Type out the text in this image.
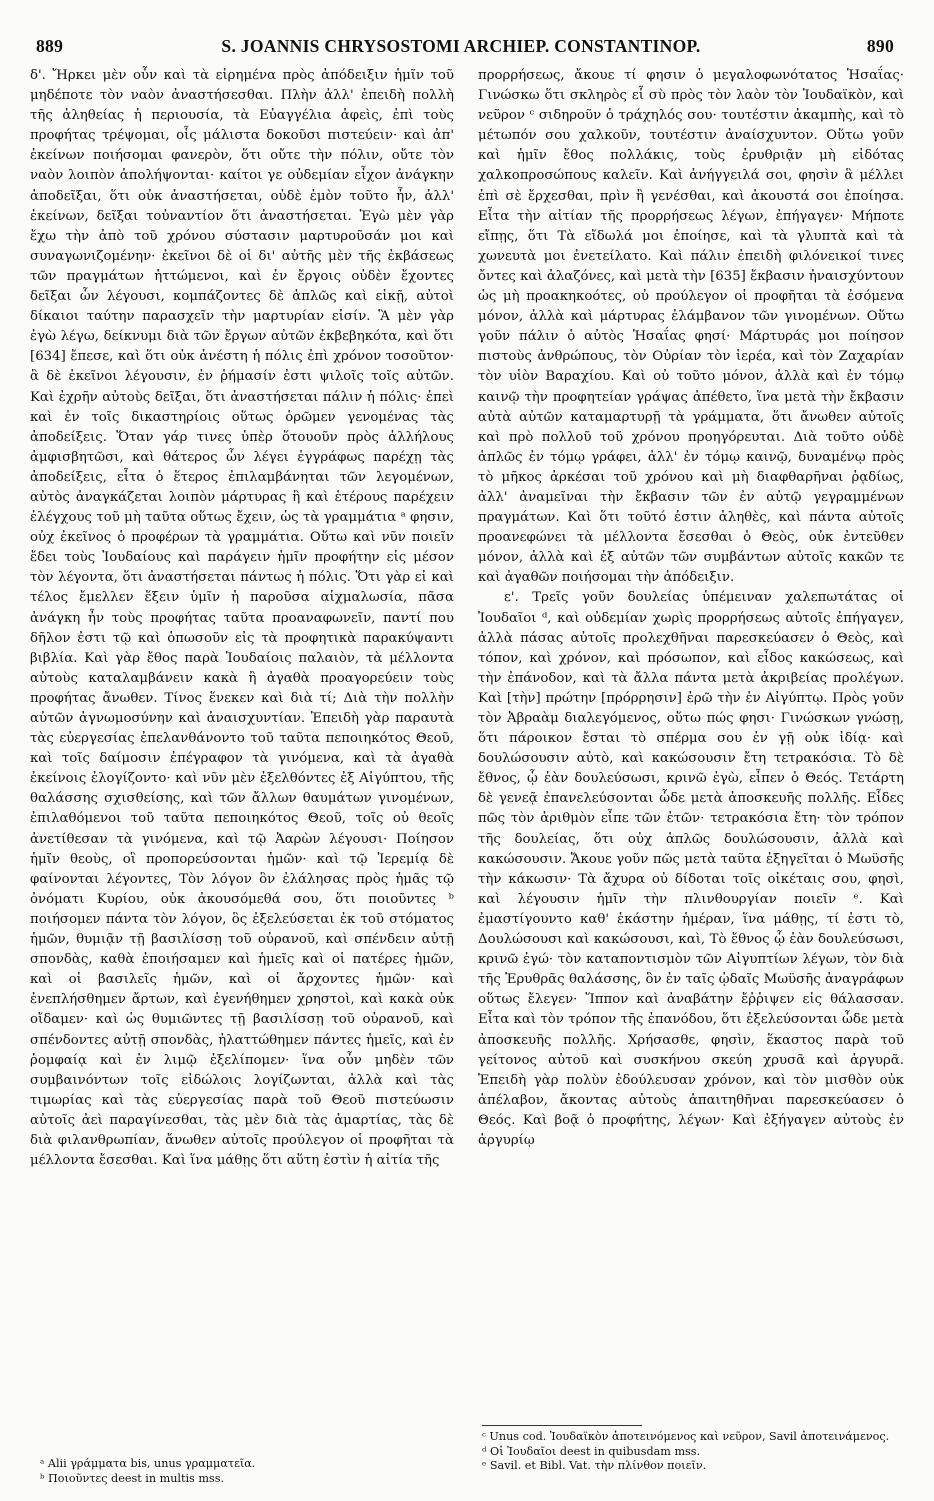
889	S. JOANNIS CHRYSOSTOMI ARCHIEP. CONSTANTINOP.	890

δ'. Ἤρκει μὲν οὖν καὶ τὰ εἰρημένα πρὸς ἀπόδειξιν ἡμῖν τοῦ μηδέποτε τὸν ναὸν ἀναστήσεσθαι. Πλὴν ἀλλ' ἐπειδὴ πολλὴ τῆς ἀληθείας ἡ περιουσία, τὰ Εὐαγγέλια ἀφεὶς, ἐπὶ τοὺς προφήτας τρέψομαι, οἷς μάλιστα δοκοῦσι πιστεύειν· καὶ ἀπ' ἐκείνων ποιήσομαι φανερὸν, ὅτι οὔτε τὴν πόλιν, οὔτε τὸν ναὸν λοιπὸν ἀπολήψονται· καίτοι γε οὐδεμίαν εἶχον ἀνάγκην ἀποδεῖξαι, ὅτι οὐκ ἀναστήσεται, οὐδὲ ἐμὸν τοῦτο ἦν, ἀλλ' ἐκείνων, δεῖξαι τοὐναντίον ὅτι ἀναστήσεται. Ἐγὼ μὲν γὰρ ἔχω τὴν ἀπὸ τοῦ χρόνου σύστασιν μαρτυροῦσάν μοι καὶ συναγωνιζομένην· ἐκεῖνοι δὲ οἱ δι' αὐτῆς μὲν τῆς ἐκβάσεως τῶν πραγμάτων ἡττώμενοι, καὶ ἐν ἔργοις οὐδὲν ἔχοντες δεῖξαι ὧν λέγουσι, κομπάζοντες δὲ ἁπλῶς καὶ εἰκῇ, αὐτοὶ δίκαιοι ταύτην παρασχεῖν τὴν μαρτυρίαν εἰσίν. Ἃ μὲν γὰρ ἐγὼ λέγω, δείκνυμι διὰ τῶν ἔργων αὐτῶν ἐκβεβηκότα, καὶ ὅτι [634] ἔπεσε, καὶ ὅτι οὐκ ἀνέστη ἡ πόλις ἐπὶ χρόνον τοσοῦτον· ἃ δὲ ἐκεῖνοι λέγουσιν, ἐν ῥήμασίν ἐστι ψιλοῖς τοῖς αὐτῶν. Καὶ ἐχρῆν αὐτοὺς δεῖξαι, ὅτι ἀναστήσεται πάλιν ἡ πόλις· ἐπεὶ καὶ ἐν τοῖς δικαστηρίοις οὕτως ὁρῶμεν γενομένας τὰς ἀποδείξεις. Ὅταν γάρ τινες ὑπὲρ ὅτουοῦν πρὸς ἀλλήλους ἀμφισβητῶσι, καὶ θάτερος ὧν λέγει ἐγγράφως παρέχῃ τὰς ἀποδείξεις, εἶτα ὁ ἕτερος ἐπιλαμβάνηται τῶν λεγομένων, αὐτὸς ἀναγκάζεται λοιπὸν μάρτυρας ἢ καὶ ἑτέρους παρέχειν ἐλέγχους τοῦ μὴ ταῦτα οὕτως ἔχειν, ὡς τὰ γραμμάτια ᵃ φησιν, οὐχ ἐκεῖνος ὁ προφέρων τὰ γραμμάτια. Οὕτω καὶ νῦν ποιεῖν ἔδει τοὺς Ἰουδαίους καὶ παράγειν ἡμῖν προφήτην εἰς μέσον τὸν λέγοντα, ὅτι ἀναστήσεται πάντως ἡ πόλις. Ὅτι γὰρ εἰ καὶ τέλος ἔμελλεν ἕξειν ὑμῖν ἡ παροῦσα αἰχμαλωσία, πᾶσα ἀνάγκη ἦν τοὺς προφήτας ταῦτα προαναφωνεῖν, παντί που δῆλον ἐστι τῷ καὶ ὁπωσοῦν εἰς τὰ προφητικὰ παρακύψαντι βιβλία. Καὶ γὰρ ἔθος παρὰ Ἰουδαίοις παλαιὸν, τὰ μέλλοντα αὐτοὺς καταλαμβάνειν κακὰ ἢ ἀγαθὰ προαγορεύειν τοὺς προφήτας ἄνωθεν. Τίνος ἕνεκεν καὶ διὰ τί; Διὰ τὴν πολλὴν αὐτῶν ἀγνωμοσύνην καὶ ἀναισχυντίαν. Ἐπειδὴ γὰρ παραυτὰ τὰς εὐεργεσίας ἐπελανθάνοντο τοῦ ταῦτα πεποιηκότος Θεοῦ, καὶ τοῖς δαίμοσιν ἐπέγραφον τὰ γινόμενα, καὶ τὰ ἀγαθὰ ἐκείνοις ἐλογίζοντο· καὶ νῦν μὲν ἐξελθόντες ἐξ Αἰγύπτου, τῆς θαλάσσης σχισθείσης, καὶ τῶν ἄλλων θαυμάτων γινομένων, ἐπιλαθόμενοι τοῦ ταῦτα πεποιηκότος Θεοῦ, τοῖς οὐ θεοῖς ἀνετίθεσαν τὰ γινόμενα, καὶ τῷ Ἀαρὼν λέγουσι· Ποίησον ἡμῖν θεοὺς, οἳ προπορεύσονται ἡμῶν· καὶ τῷ Ἱερεμίᾳ δὲ φαίνονται λέγοντες, Τὸν λόγον ὃν ἐλάλησας πρὸς ἡμᾶς τῷ ὀνόματι Κυρίου, οὐκ ἀκουσόμεθά σου, ὅτι ποιοῦντες ᵇ ποιήσομεν πάντα τὸν λόγον, ὃς ἐξελεύσεται ἐκ τοῦ στόματος ἡμῶν, θυμιᾷν τῇ βασιλίσσῃ τοῦ οὐρανοῦ, καὶ σπένδειν αὐτῇ σπονδὰς, καθὰ ἐποιήσαμεν καὶ ἡμεῖς καὶ οἱ πατέρες ἡμῶν, καὶ οἱ βασιλεῖς ἡμῶν, καὶ οἱ ἄρχοντες ἡμῶν· καὶ ἐνεπλήσθημεν ἄρτων, καὶ ἐγενήθημεν χρηστοὶ, καὶ κακὰ οὐκ οἴδαμεν· καὶ ὡς θυμιῶντες τῇ βασιλίσσῃ τοῦ οὐρανοῦ, καὶ σπένδοντες αὐτῇ σπονδὰς, ἠλαττώθημεν πάντες ἡμεῖς, καὶ ἐν ῥομφαίᾳ καὶ ἐν λιμῷ ἐξελίπομεν· ἵνα οὖν μηδὲν τῶν συμβαινόντων τοῖς εἰδώλοις λογίζωνται, ἀλλὰ καὶ τὰς τιμωρίας καὶ τὰς εὐεργεσίας παρὰ τοῦ Θεοῦ πιστεύωσιν αὐτοῖς ἀεὶ παραγίνεσθαι, τὰς μὲν διὰ τὰς ἁμαρτίας, τὰς δὲ διὰ φιλανθρωπίαν, ἄνωθεν αὐτοῖς προύλεγον οἱ προφῆται τὰ μέλλοντα ἔσεσθαι. Καὶ ἵνα μάθῃς ὅτι αὕτη ἐστὶν ἡ αἰτία τῆς

προρρήσεως, ἄκουε τί φησιν ὁ μεγαλοφωνότατος Ἡσαΐας· Γινώσκω ὅτι σκληρὸς εἶ σὺ πρὸς τὸν λαὸν τὸν Ἰουδαϊκὸν, καὶ νεῦρον ᶜ σιδηροῦν ὁ τράχηλός σου· τουτέστιν ἀκαμπὴς, καὶ τὸ μέτωπόν σου χαλκοῦν, τουτέστιν ἀναίσχυντον. Οὕτω γοῦν καὶ ἡμῖν ἔθος πολλάκις, τοὺς ἐρυθριᾷν μὴ εἰδότας χαλκοπροσώπους καλεῖν. Καὶ ἀνήγγειλά σοι, φησὶν ἃ μέλλει ἐπὶ σὲ ἔρχεσθαι, πρὶν ἢ γενέσθαι, καὶ ἀκουστά σοι ἐποίησα. Εἶτα τὴν αἰτίαν τῆς προρρήσεως λέγων, ἐπήγαγεν· Μήποτε εἴπῃς, ὅτι Τὰ εἴδωλά μοι ἐποίησε, καὶ τὰ γλυπτὰ καὶ τὰ χωνευτὰ μοι ἐνετείλατο. Καὶ πάλιν ἐπειδὴ φιλόνεικοί τινες ὄντες καὶ ἀλαζόνες, καὶ μετὰ τὴν [635] ἔκβασιν ἠναισχύντουν ὡς μὴ προακηκοότες, οὐ προύλεγον οἱ προφῆται τὰ ἐσόμενα μόνον, ἀλλὰ καὶ μάρτυρας ἐλάμβανον τῶν γινομένων. Οὕτω γοῦν πάλιν ὁ αὐτὸς Ἡσαΐας φησί· Μάρτυράς μοι ποίησον πιστοὺς ἀνθρώπους, τὸν Οὐρίαν τὸν ἱερέα, καὶ τὸν Ζαχαρίαν τὸν υἱὸν Βαραχίου. Καὶ οὐ τοῦτο μόνον, ἀλλὰ καὶ ἐν τόμῳ καινῷ τὴν προφητείαν γράψας ἀπέθετο, ἵνα μετὰ τὴν ἔκβασιν αὐτὰ αὐτῶν καταμαρτυρῇ τὰ γράμματα, ὅτι ἄνωθεν αὐτοῖς καὶ πρὸ πολλοῦ τοῦ χρόνου προηγόρευται. Διὰ τοῦτο οὐδὲ ἁπλῶς ἐν τόμῳ γράφει, ἀλλ' ἐν τόμῳ καινῷ, δυναμένῳ πρὸς τὸ μῆκος ἀρκέσαι τοῦ χρόνου καὶ μὴ διαφθαρῆναι ῥᾳδίως, ἀλλ' ἀναμεῖναι τὴν ἔκβασιν τῶν ἐν αὐτῷ γεγραμμένων πραγμάτων. Καὶ ὅτι τοῦτό ἐστιν ἀληθὲς, καὶ πάντα αὐτοῖς προανεφώνει τὰ μέλλοντα ἔσεσθαι ὁ Θεὸς, οὐκ ἐντεῦθεν μόνον, ἀλλὰ καὶ ἐξ αὐτῶν τῶν συμβάντων αὐτοῖς κακῶν τε καὶ ἀγαθῶν ποιήσομαι τὴν ἀπόδειξιν.

ε'. Τρεῖς γοῦν δουλείας ὑπέμειναν χαλεπωτάτας οἱ Ἰουδαῖοι ᵈ, καὶ οὐδεμίαν χωρὶς προρρήσεως αὐτοῖς ἐπήγαγεν, ἀλλὰ πάσας αὐτοῖς προλεχθῆναι παρεσκεύασεν ὁ Θεὸς, καὶ τόπον, καὶ χρόνον, καὶ πρόσωπον, καὶ εἶδος κακώσεως, καὶ τὴν ἐπάνοδον, καὶ τὰ ἄλλα πάντα μετὰ ἀκριβείας προλέγων. Καὶ [τὴν] πρώτην [πρόρρησιν] ἐρῶ τὴν ἐν Αἰγύπτῳ. Πρὸς γοῦν τὸν Ἀβραὰμ διαλεγόμενος, οὕτω πώς φησι· Γινώσκων γνώσῃ, ὅτι πάροικον ἔσται τὸ σπέρμα σου ἐν γῇ οὐκ ἰδίᾳ· καὶ δουλώσουσιν αὐτὸ, καὶ κακώσουσιν ἔτη τετρακόσια. Τὸ δὲ ἔθνος, ᾧ ἐὰν δουλεύσωσι, κρινῶ ἐγὼ, εἶπεν ὁ Θεός. Τετάρτη δὲ γενεᾷ ἐπανελεύσονται ὧδε μετὰ ἀποσκευῆς πολλῆς. Εἶδες πῶς τὸν ἀριθμὸν εἶπε τῶν ἐτῶν· τετρακόσια ἔτη· τὸν τρόπον τῆς δουλείας, ὅτι οὐχ ἁπλῶς δουλώσουσιν, ἀλλὰ καὶ κακώσουσιν. Ἄκουε γοῦν πῶς μετὰ ταῦτα ἐξηγεῖται ὁ Μωϋσῆς τὴν κάκωσιν· Τὰ ἄχυρα οὐ δίδοται τοῖς οἰκέταις σου, φησὶ, καὶ λέγουσιν ἡμῖν τὴν πλινθουργίαν ποιεῖν ᵉ. Καὶ ἐμαστίγουντο καθ' ἑκάστην ἡμέραν, ἵνα μάθῃς, τί ἐστι τὸ, Δουλώσουσι καὶ κακώσουσι, καὶ, Τὸ ἔθνος ᾧ ἐὰν δουλεύσωσι, κρινῶ ἐγώ· τὸν καταποντισμὸν τῶν Αἰγυπτίων λέγων, τὸν διὰ τῆς Ἐρυθρᾶς θαλάσσης, ὃν ἐν ταῖς ᾠδαῖς Μωϋσῆς ἀναγράφων οὕτως ἔλεγεν· Ἵππον καὶ ἀναβάτην ἔῤῥιψεν εἰς θάλασσαν. Εἶτα καὶ τὸν τρόπον τῆς ἐπανόδου, ὅτι ἐξελεύσονται ὧδε μετὰ ἀποσκευῆς πολλῆς. Χρήσασθε, φησὶν, ἕκαστος παρὰ τοῦ γείτονος αὐτοῦ καὶ συσκήνου σκεύη χρυσᾶ καὶ ἀργυρᾶ. Ἐπειδὴ γὰρ πολὺν ἐδούλευσαν χρόνον, καὶ τὸν μισθὸν οὐκ ἀπέλαβον, ἄκοντας αὐτοὺς ἀπαιτηθῆναι παρεσκεύασεν ὁ Θεός. Καὶ βοᾷ ὁ προφήτης, λέγων· Καὶ ἐξήγαγεν αὐτοὺς ἐν ἀργυρίῳ

ᵃ Alii γράμματα bis, unus γραμματεῖα.

ᵇ Ποιοῦντες deest in multis mss.

ᶜ Unus cod. Ἰουδαϊκὸν ἀποτεινόμενος καὶ νεῦρον, Savil ἀποτεινάμενος.

ᵈ Οἱ Ἰουδαῖοι deest in quibusdam mss.

ᵉ Savil. et Bibl. Vat. τὴν πλίνθον ποιεῖν.
